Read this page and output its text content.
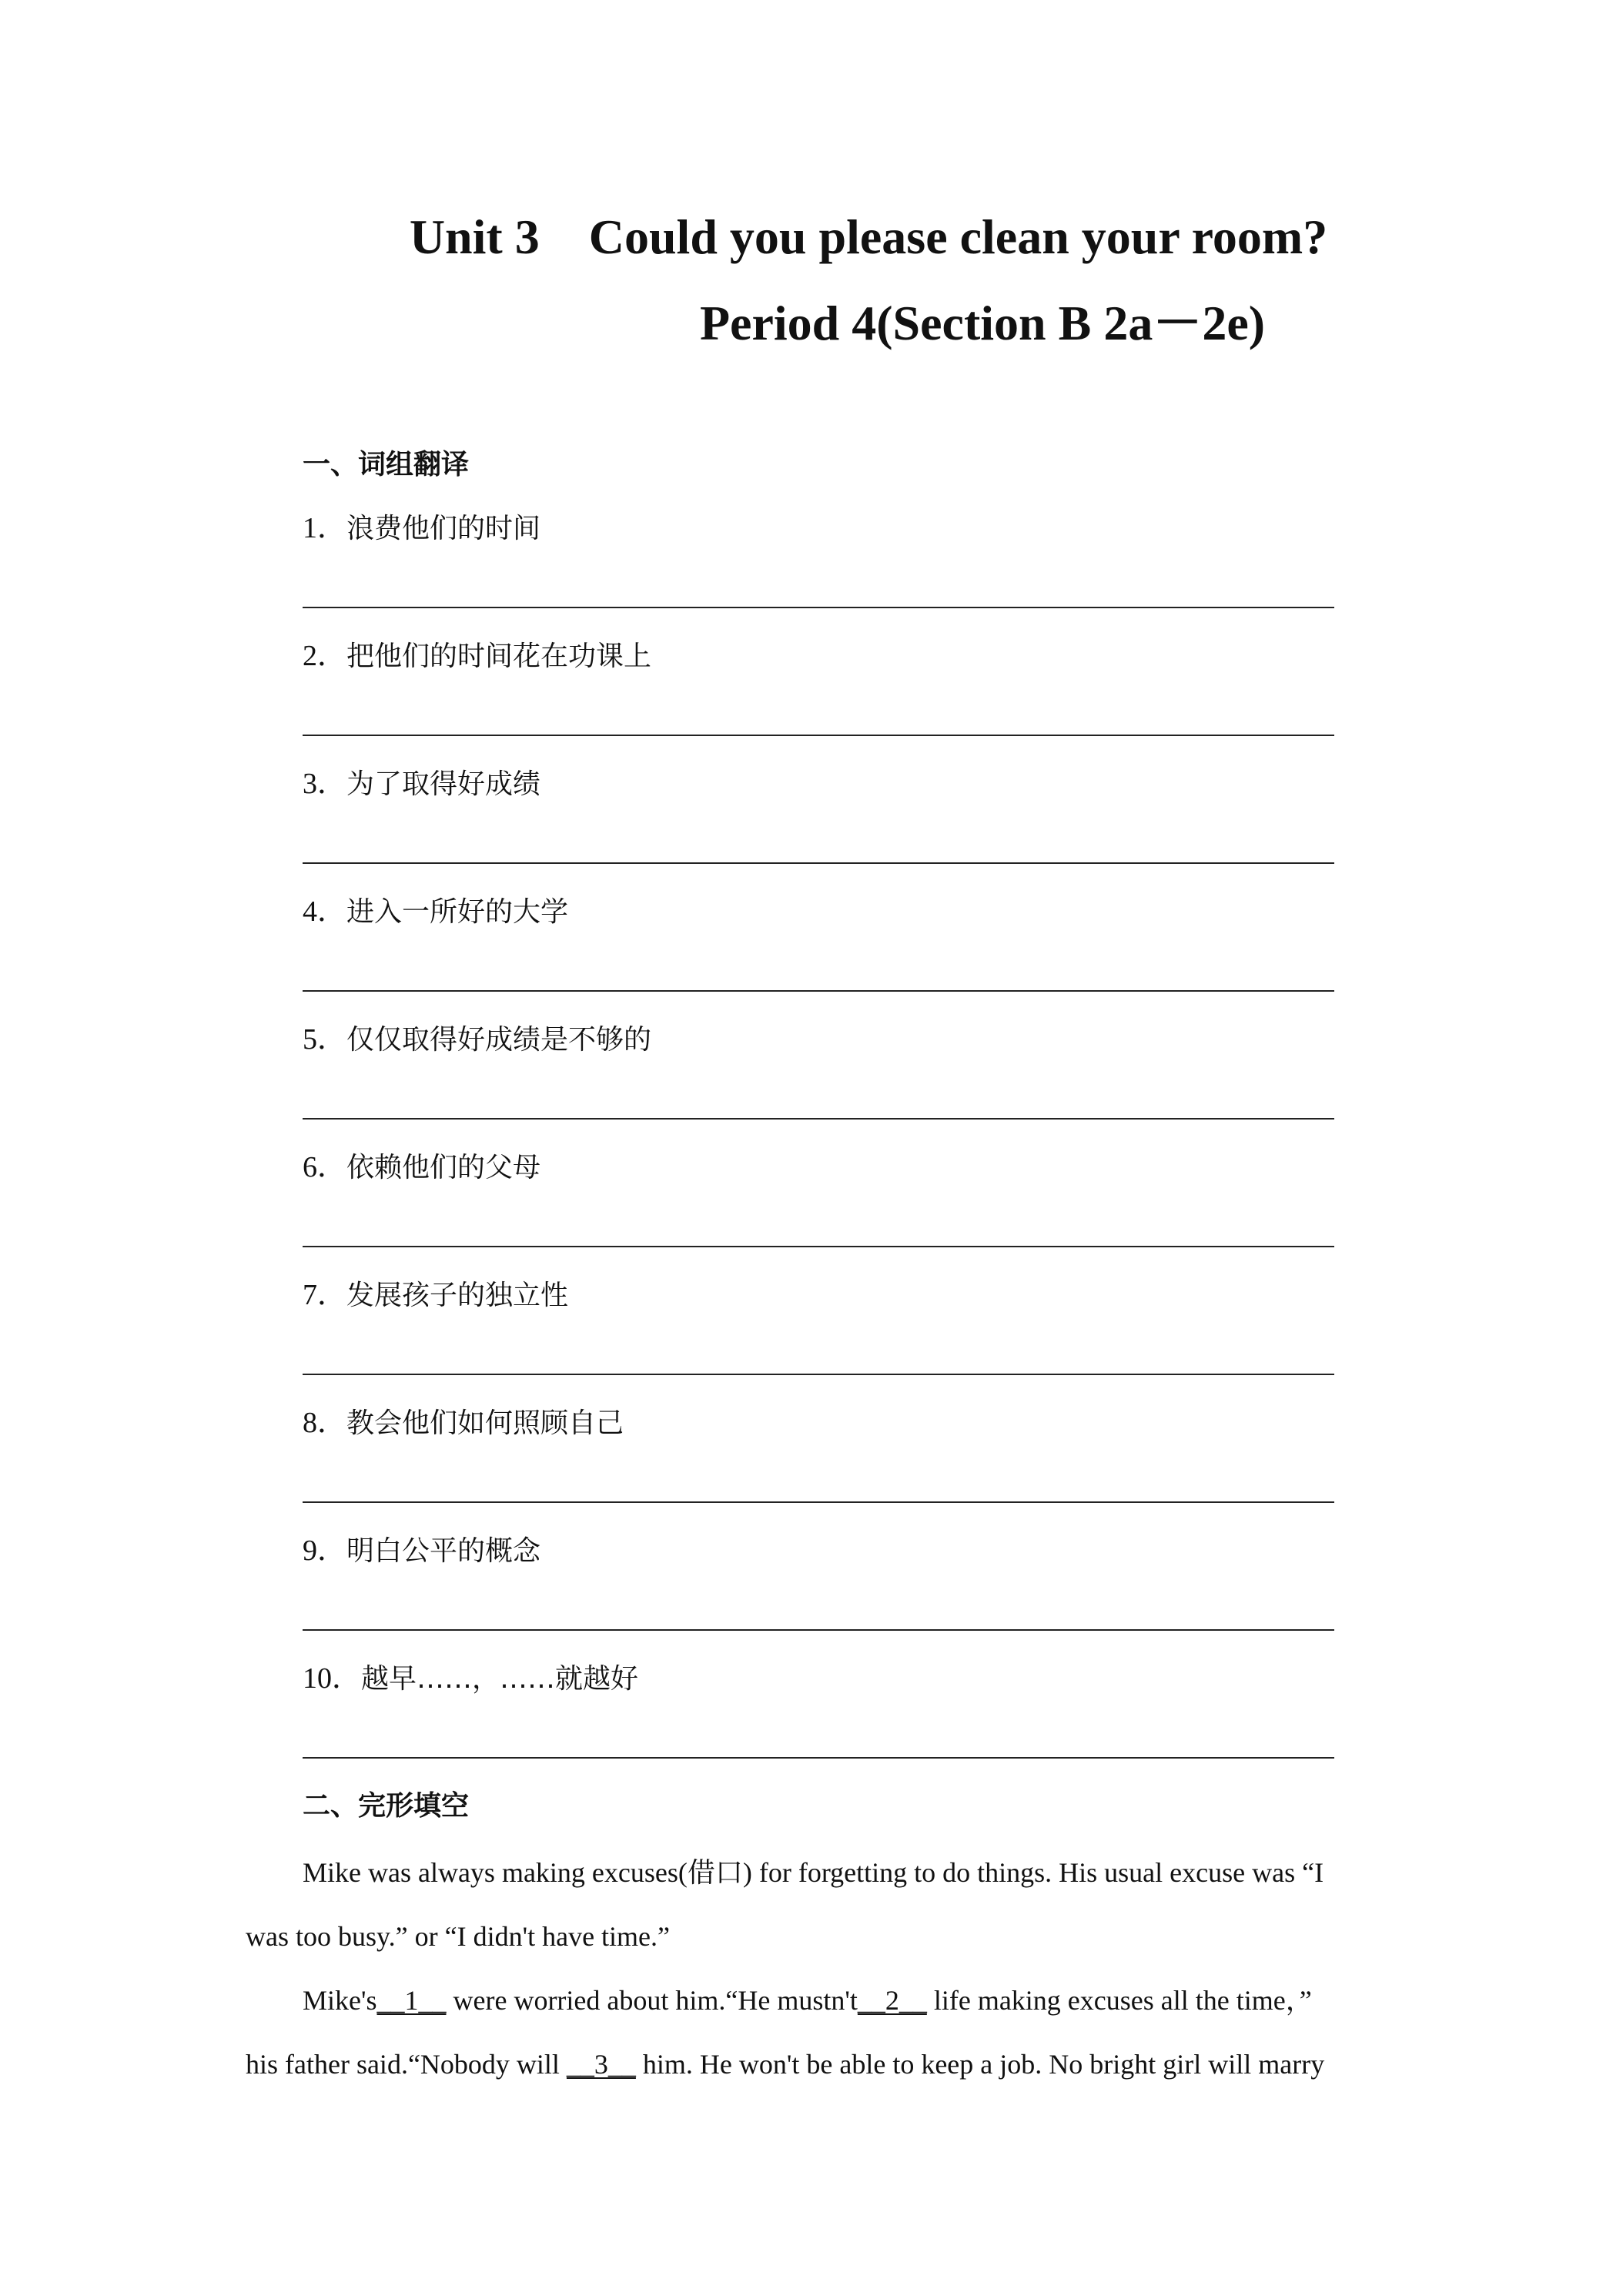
Unit 3    Could you please clean your room?
Period 4(Section B 2a－2e)
一、词组翻译
1．浪费他们的时间
2．把他们的时间花在功课上
3．为了取得好成绩
4．进入一所好的大学
5．仅仅取得好成绩是不够的
6．依赖他们的父母
7．发展孩子的独立性
8．教会他们如何照顾自己
9．明白公平的概念
10．越早……，……就越好
二、完形填空
Mike was always making excuses(借口) for forgetting to do things. His usual excuse was “I
was too busy.” or “I didn't have time.”
Mike's__1__ were worried about him.“He mustn't__2__ life making excuses all the time，”
his father said.“Nobody will __3__ him. He won't be able to keep a job. No bright girl will marry
